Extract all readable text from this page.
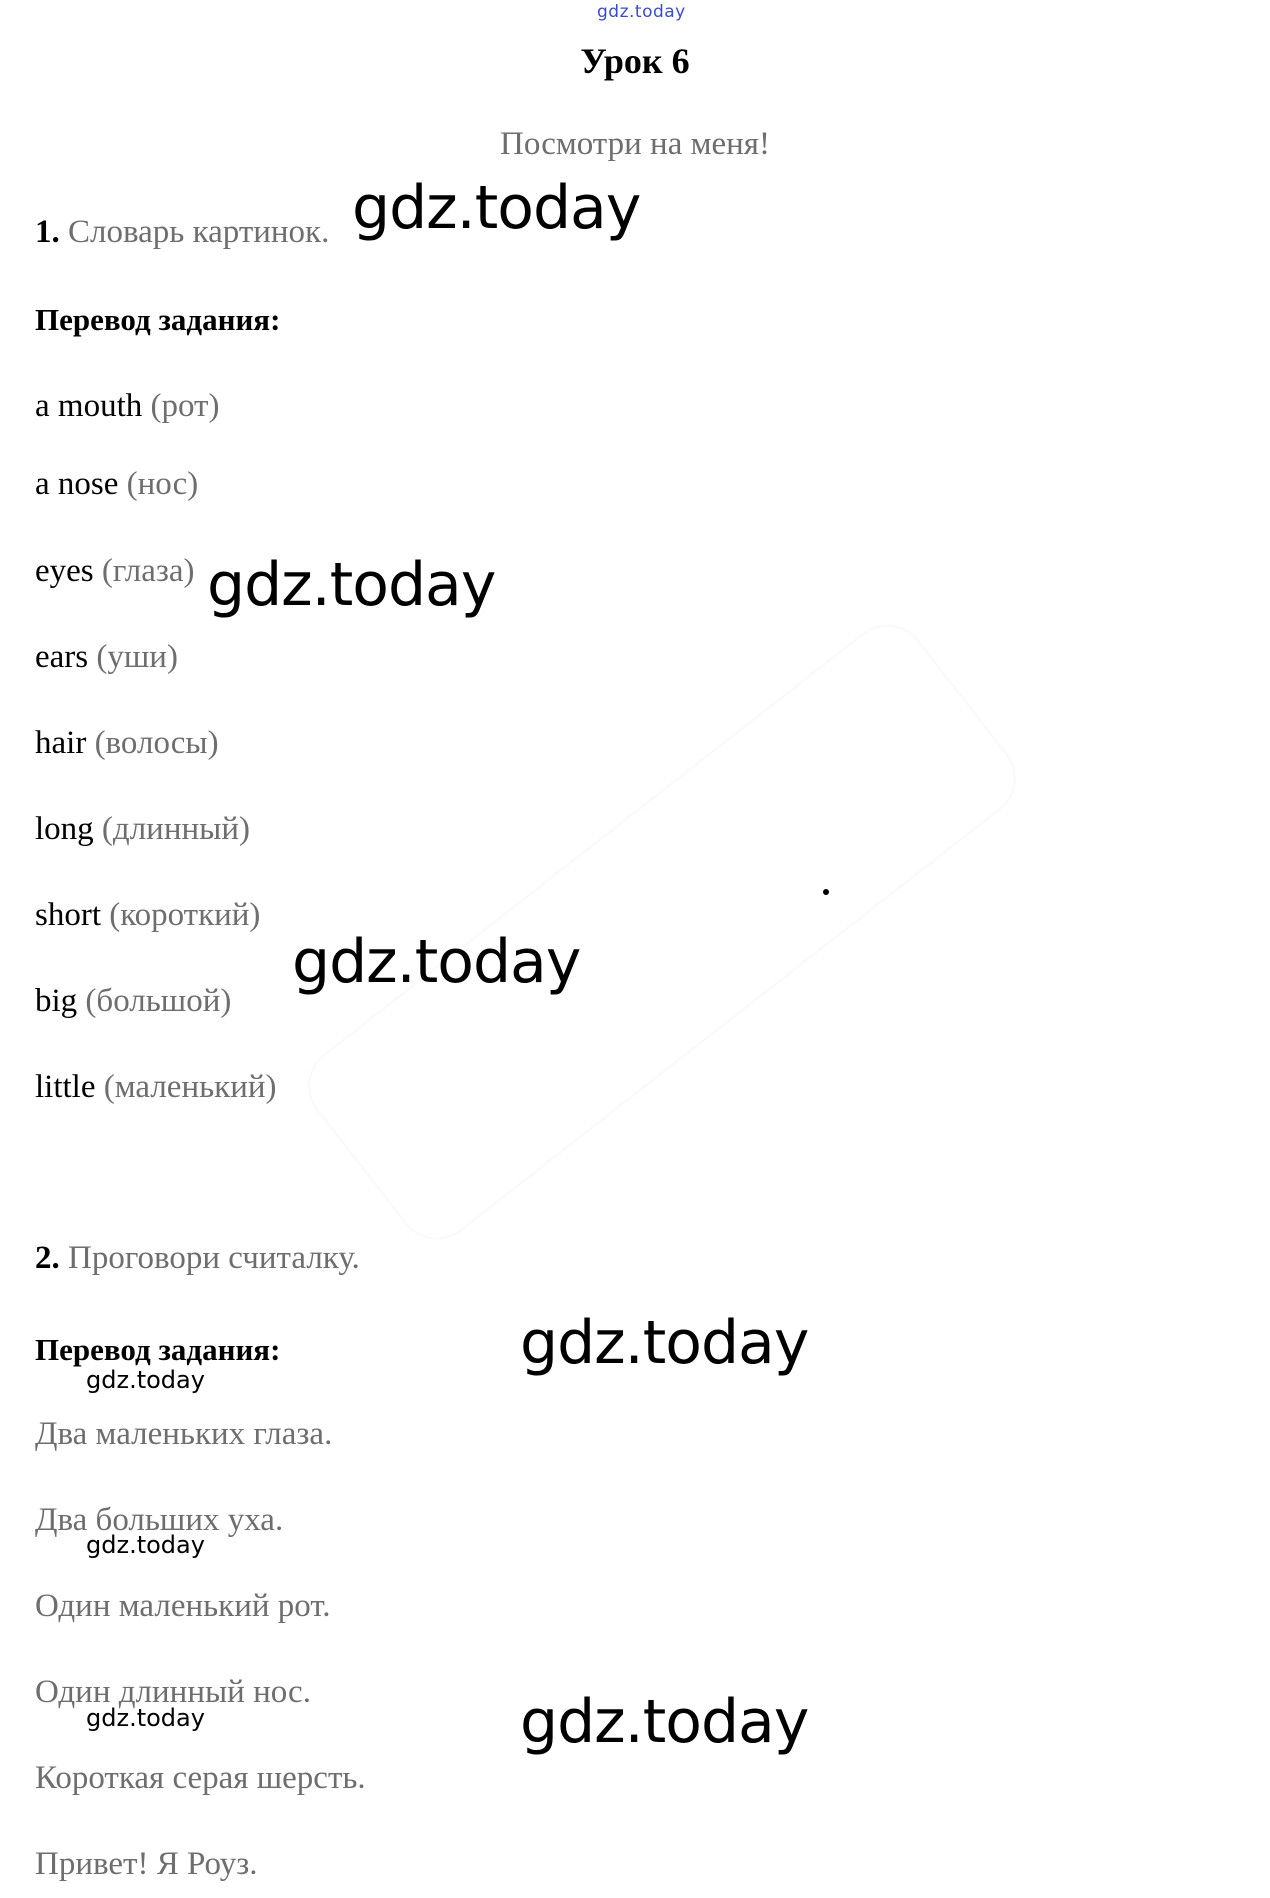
gdz.today
Урок 6
Посмотри на меня!
1. Словарь картинок.
Перевод задания:
a mouth (рот)
a nose (нос)
eyes (глаза)
ears (уши)
hair (волосы)
long (длинный)
short (короткий)
big (большой)
little (маленький)
2. Проговори считалку.
Перевод задания:
Два маленьких глаза.
Два больших уха.
Один маленький рот.
Один длинный нос.
Короткая серая шерсть.
Привет! Я Роуз.
gdz.today
gdz.today
gdz.today
gdz.today
gdz.today
gdz.today
gdz.today
gdz.today
